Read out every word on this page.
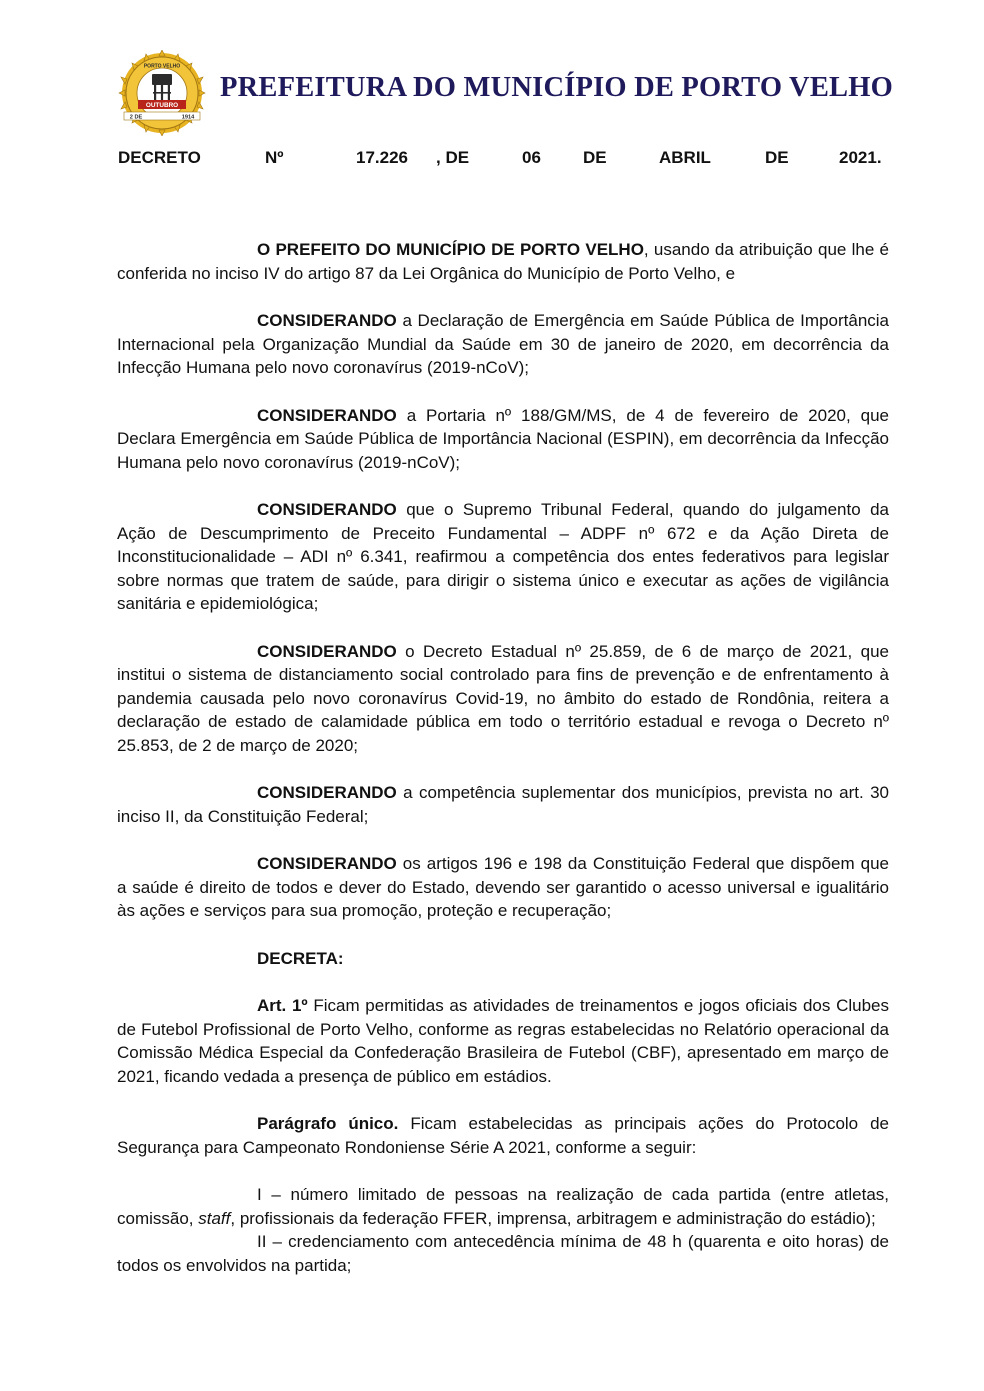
OUTUBRO
PORTO VELHO
2 DE	1914
PREFEITURA DO MUNICÍPIO DE PORTO VELHO
DECRETO	Nº	17.226 , DE	06 DE	ABRIL	DE	2021.

O PREFEITO DO MUNICÍPIO DE PORTO VELHO, usando da atribuição que lhe é conferida no inciso IV do artigo 87 da Lei Orgânica do Município de Porto Velho, e

CONSIDERANDO a Declaração de Emergência em Saúde Pública de Importância Internacional pela Organização Mundial da Saúde em 30 de janeiro de 2020, em decorrência da Infecção Humana pelo novo coronavírus (2019-nCoV);

CONSIDERANDO a Portaria nº 188/GM/MS, de 4 de fevereiro de 2020, que Declara Emergência em Saúde Pública de Importância Nacional (ESPIN), em decorrência da Infecção Humana pelo novo coronavírus (2019-nCoV);

CONSIDERANDO que o Supremo Tribunal Federal, quando do julgamento da Ação de Descumprimento de Preceito Fundamental – ADPF nº 672 e da Ação Direta de Inconstitucionalidade – ADI nº 6.341, reafirmou a competência dos entes federativos para legislar sobre normas que tratem de saúde, para dirigir o sistema único e executar as ações de vigilância sanitária e epidemiológica;

CONSIDERANDO o Decreto Estadual nº 25.859, de 6 de março de 2021, que institui o sistema de distanciamento social controlado para fins de prevenção e de enfrentamento à pandemia causada pelo novo coronavírus Covid-19, no âmbito do estado de Rondônia, reitera a declaração de estado de calamidade pública em todo o território estadual e revoga o Decreto nº 25.853, de 2 de março de 2020;

CONSIDERANDO a competência suplementar dos municípios, prevista no art. 30 inciso II, da Constituição Federal;

CONSIDERANDO os artigos 196 e 198 da Constituição Federal que dispõem que a saúde é direito de todos e dever do Estado, devendo ser garantido o acesso universal e igualitário às ações e serviços para sua promoção, proteção e recuperação;

DECRETA:

Art. 1º Ficam permitidas as atividades de treinamentos e jogos oficiais dos Clubes de Futebol Profissional de Porto Velho, conforme as regras estabelecidas no Relatório operacional da Comissão Médica Especial da Confederação Brasileira de Futebol (CBF), apresentado em março de 2021, ficando vedada a presença de público em estádios.

Parágrafo único. Ficam estabelecidas as principais ações do Protocolo de Segurança para Campeonato Rondoniense Série A 2021, conforme a seguir:

I – número limitado de pessoas na realização de cada partida (entre atletas, comissão, staff, profissionais da federação FFER, imprensa, arbitragem e administração do estádio);

II – credenciamento com antecedência mínima de 48 h (quarenta e oito horas) de todos os envolvidos na partida;
